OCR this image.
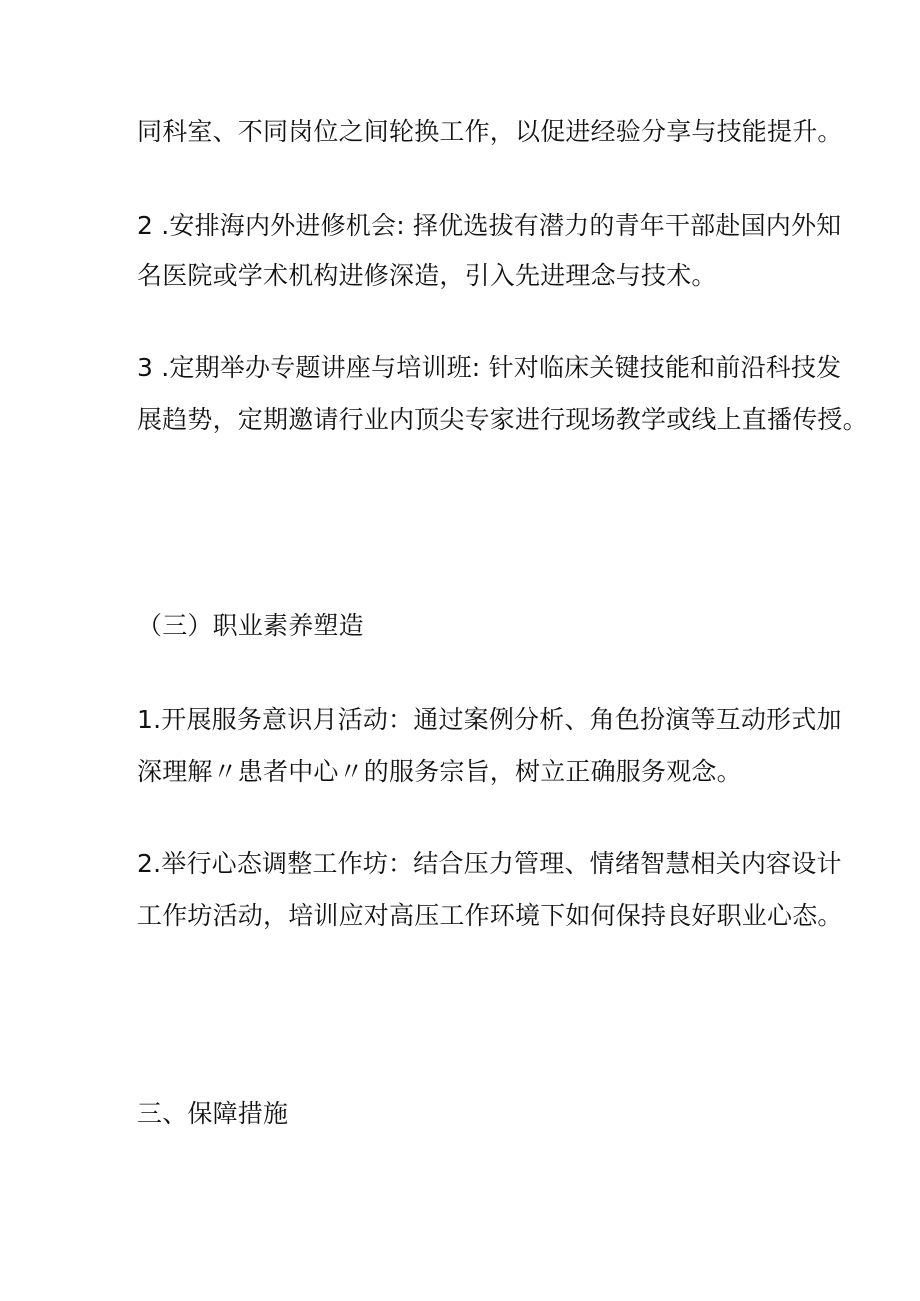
同科室、不同岗位之间轮换工作，以促进经验分享与技能提升。
2 .安排海内外进修机会: 择优选拔有潜力的青年干部赴国内外知
名医院或学术机构进修深造，引入先进理念与技术。
3 .定期举办专题讲座与培训班: 针对临床关键技能和前沿科技发
展趋势，定期邀请行业内顶尖专家进行现场教学或线上直播传授。
（三）职业素养塑造
1.开展服务意识月活动：通过案例分析、角色扮演等互动形式加
深理解〃患者中心〃的服务宗旨，树立正确服务观念。
2.举行心态调整工作坊：结合压力管理、情绪智慧相关内容设计
工作坊活动，培训应对高压工作环境下如何保持良好职业心态。
三、保障措施
